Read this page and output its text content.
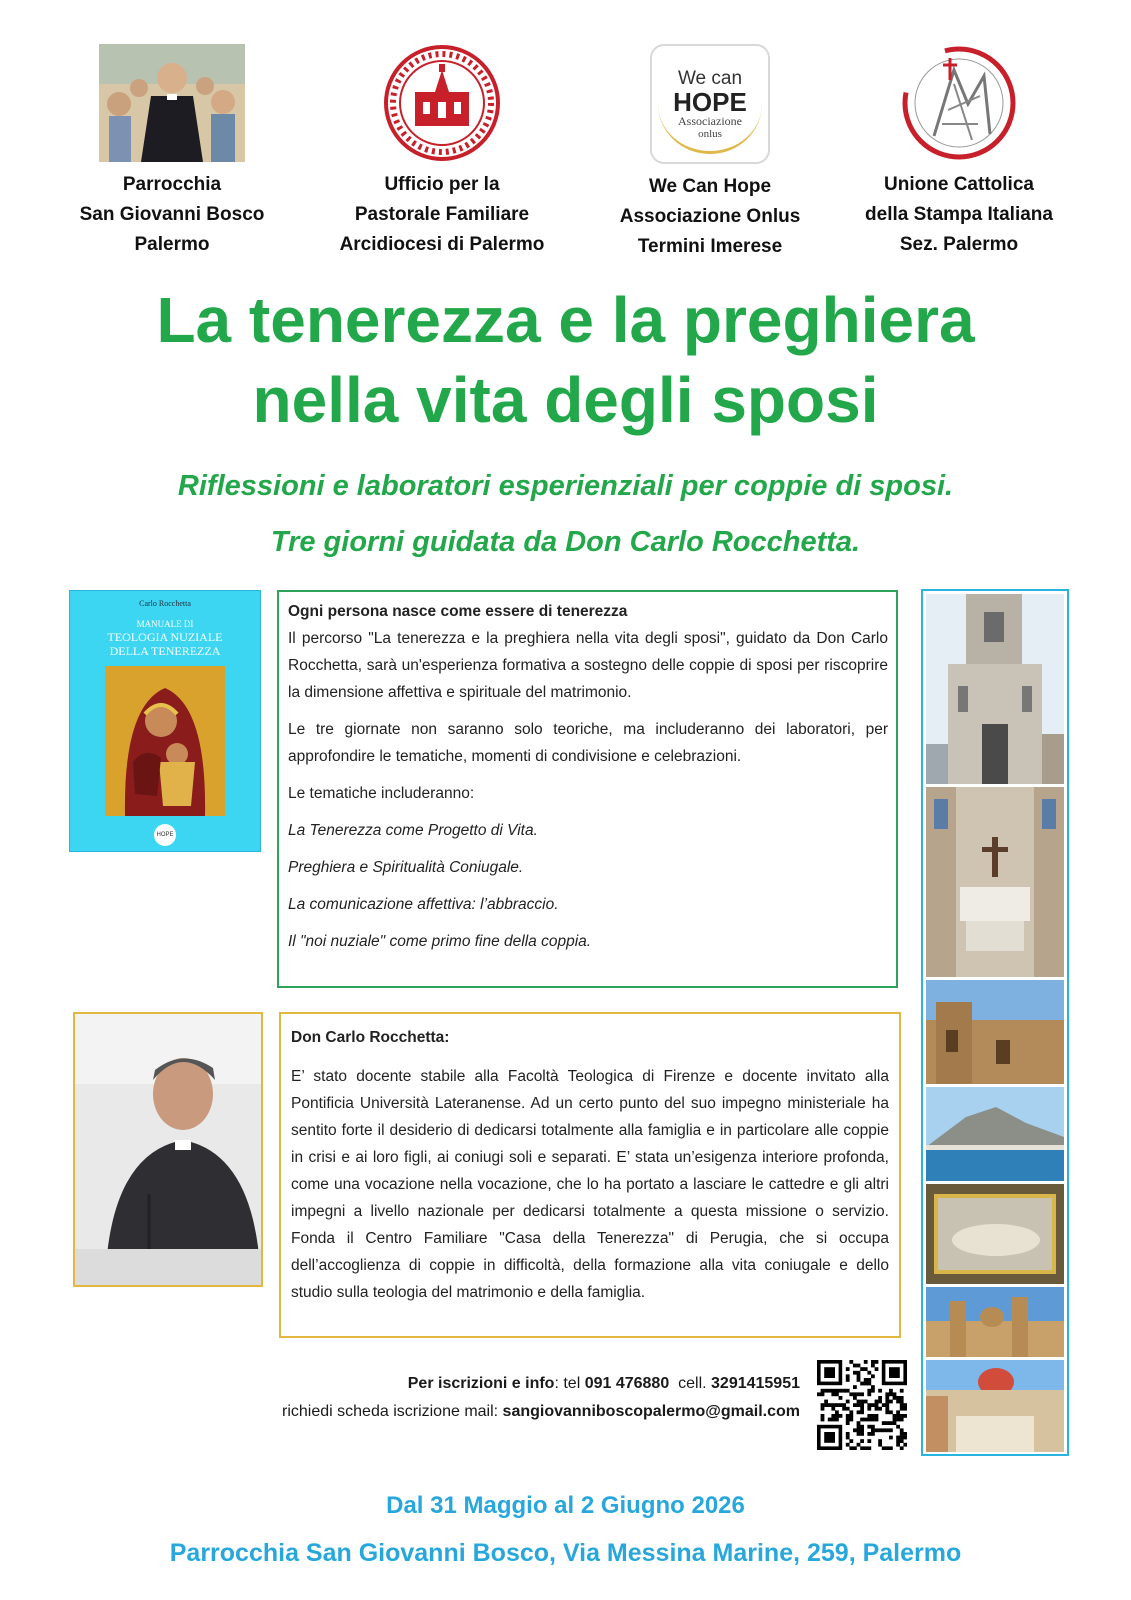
Parrocchia
San Giovanni Bosco
Palermo
Ufficio per la
Pastorale Familiare
Arcidiocesi di Palermo
We can
HOPE
Associazione
onlus
We Can Hope
Associazione Onlus
Termini Imerese
Unione Cattolica
della Stampa Italiana
Sez. Palermo
La tenerezza e la preghiera
nella vita degli sposi
Riflessioni e laboratori esperienziali per coppie di sposi.
Tre giorni guidata da Don Carlo Rocchetta.
Carlo Rocchetta
MANUALE DI
TEOLOGIA NUZIALE
DELLA TENEREZZA
HOPE

Ogni persona nasce come essere di tenerezza

Il percorso "La tenerezza e la preghiera nella vita degli sposi", guidato da Don Carlo Rocchetta, sarà un'esperienza formativa a sostegno delle coppie di sposi per riscoprire la dimensione affettiva e spirituale del matrimonio.

Le tre giornate non saranno solo teoriche, ma includeranno dei laboratori, per approfondire le tematiche, momenti di condivisione e celebrazioni.

Le tematiche includeranno:

La Tenerezza come Progetto di Vita.

Preghiera e Spiritualità Coniugale.

La comunicazione affettiva: l’abbraccio.

Il "noi nuziale" come primo fine della coppia.

Don Carlo Rocchetta:

E’ stato docente stabile alla Facoltà Teologica di Firenze e docente invitato alla Pontificia Università Lateranense. Ad un certo punto del suo impegno ministeriale ha sentito forte il desiderio di dedicarsi totalmente alla famiglia e in particolare alle coppie in crisi e ai loro figli, ai coniugi soli e separati. E’ stata un’esigenza interiore profonda, come una vocazione nella vocazione, che lo ha portato a lasciare le cattedre e gli altri impegni a livello nazionale per dedicarsi totalmente a questa missione o servizio. Fonda il Centro Familiare "Casa della Tenerezza" di Perugia, che si occupa dell’accoglienza di coppie in difficoltà, della formazione alla vita coniugale e dello studio sulla teologia del matrimonio e della famiglia.

Per iscrizioni e info: tel 091 476880  cell. 3291415951
richiedi scheda iscrizione mail: sangiovanniboscopalermo@gmail.com
Dal 31 Maggio al 2 Giugno 2026
Parrocchia San Giovanni Bosco, Via Messina Marine, 259, Palermo
